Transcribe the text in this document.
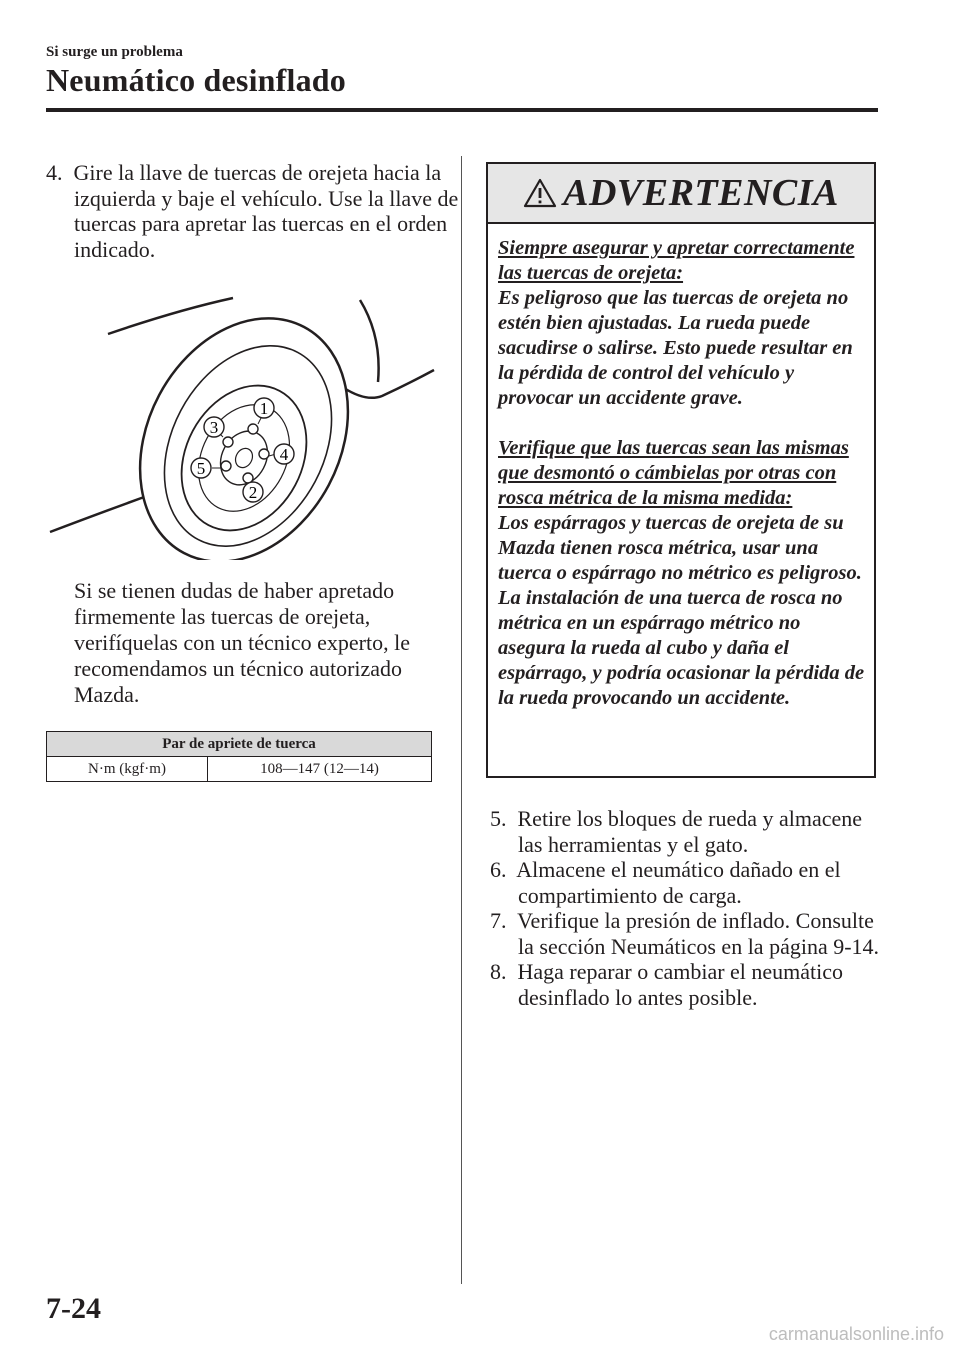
Si surge un problema
Neumático desinflado
4. Gire la llave de tuercas de orejeta hacia la izquierda y baje el vehículo. Use la llave de tuercas para apretar las tuercas en el orden indicado.
1
2
3
4
5
Si se tienen dudas de haber apretado firmemente las tuercas de orejeta, verifíquelas con un técnico experto, le recomendamos un técnico autorizado Mazda.
Par de apriete de tuerca
N·m (kgf·m)	108—147 (12—14)
ADVERTENCIA

Siempre asegurar y apretar correctamente las tuercas de orejeta:

Es peligroso que las tuercas de orejeta no estén bien ajustadas. La rueda puede sacudirse o salirse. Esto puede resultar en la pérdida de control del vehículo y provocar un accidente grave.

Verifique que las tuercas sean las mismas que desmontó o cámbielas por otras con rosca métrica de la misma medida:

Los espárragos y tuercas de orejeta de su Mazda tienen rosca métrica, usar una tuerca o espárrago no métrico es peligroso. La instalación de una tuerca de rosca no métrica en un espárrago métrico no asegura la rueda al cubo y daña el espárrago, y podría ocasionar la pérdida de la rueda provocando un accidente.

5. Retire los bloques de rueda y almacene las herramientas y el gato.
6. Almacene el neumático dañado en el compartimiento de carga.
7. Verifique la presión de inflado. Consulte la sección Neumáticos en la página 9-14.
8. Haga reparar o cambiar el neumático desinflado lo antes posible.
7-24
carmanualsonline.info
